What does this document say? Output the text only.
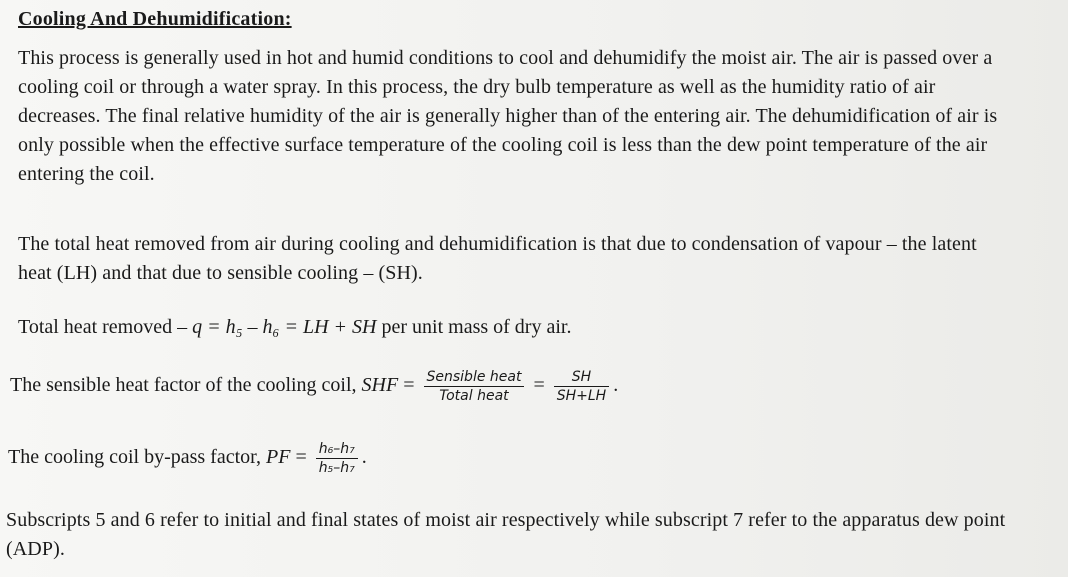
Cooling And Dehumidification:
This process is generally used in hot and humid conditions to cool and dehumidify the moist air. The air is passed over a cooling coil or through a water spray. In this process, the dry bulb temperature as well as the humidity ratio of air decreases. The final relative humidity of the air is generally higher than of the entering air. The dehumidification of air is only possible when the effective surface temperature of the cooling coil is less than the dew point temperature of the air entering the coil.
The total heat removed from air during cooling and dehumidification is that due to condensation of vapour – the latent heat (LH) and that due to sensible cooling – (SH).
Total heat removed – q = h₅ – h₆ = LH + SH per unit mass of dry air.
The sensible heat factor of the cooling coil, SHF = $\frac{\text{Sensible heat}}{\text{Total heat}} = \frac{SH}{SH+LH}$ .
The cooling coil by-pass factor, PF = $\frac{\text{h₆–h₇}}{\text{h₅–h₇}}$ .
Subscripts 5 and 6 refer to initial and final states of moist air respectively while subscript 7 refer to the apparatus dew point (ADP).
